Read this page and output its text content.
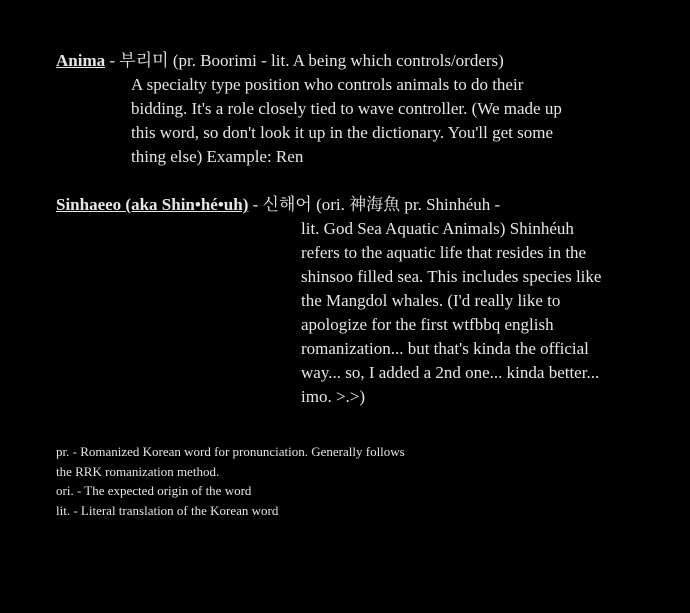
Anima - 부리미 (pr. Boorimi - lit. A being which controls/orders)
A specialty type position who controls animals to do their
bidding. It's a role closely tied to wave controller. (We made up
this word, so don't look it up in the dictionary. You'll get some
thing else) Example: Ren
Sinhaeeo (aka Shin•hé•uh) - 신해어 (ori. 神海魚 pr. Shinhéuh -
lit. God Sea Aquatic Animals) Shinhéuh
refers to the aquatic life that resides in the
shinsoo filled sea. This includes species like
the Mangdol whales. (I'd really like to
apologize for the first wtfbbq english
romanization... but that's kinda the official
way... so, I added a 2nd one... kinda better...
imo. >.>)
pr. - Romanized Korean word for pronunciation. Generally follows
the RRK romanization method.
ori. - The expected origin of the word
lit. - Literal translation of the Korean word
